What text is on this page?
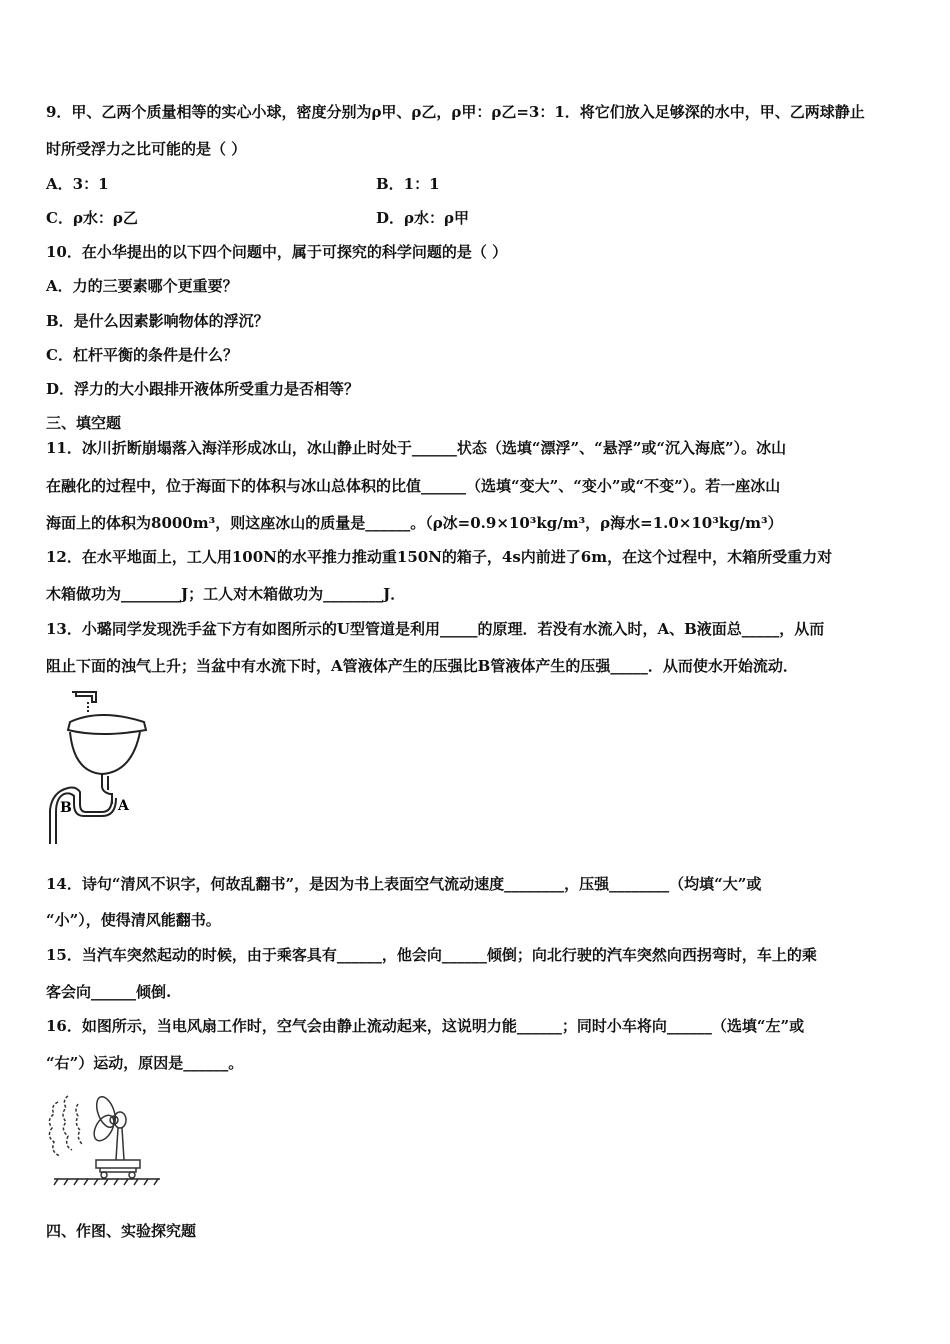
9．甲、乙两个质量相等的实心小球，密度分别为ρ甲、ρ乙，ρ甲：ρ乙=3：1．将它们放入足够深的水中，甲、乙两球静止
时所受浮力之比可能的是（ ）
A．3：1	B．1：1
C．ρ水：ρ乙	D．ρ水：ρ甲
10．在小华提出的以下四个问题中，属于可探究的科学问题的是（ ）
A．力的三要素哪个更重要？
B．是什么因素影响物体的浮沉？
C．杠杆平衡的条件是什么？
D．浮力的大小跟排开液体所受重力是否相等？
三、填空题
11．冰川折断崩塌落入海洋形成冰山，冰山静止时处于______状态（选填“漂浮”、“悬浮”或“沉入海底”）。冰山
在融化的过程中，位于海面下的体积与冰山总体积的比值______（选填“变大”、“变小”或“不变”）。若一座冰山
海面上的体积为8000m³，则这座冰山的质量是______。（ρ冰=0.9×10³kg/m³，ρ海水=1.0×10³kg/m³）
12．在水平地面上，工人用100N的水平推力推动重150N的箱子，4s内前进了6m，在这个过程中，木箱所受重力对
木箱做功为________J；工人对木箱做功为________J．
13．小璐同学发现洗手盆下方有如图所示的U型管道是利用_____的原理．若没有水流入时，A、B液面总_____，从而
阻止下面的浊气上升；当盆中有水流下时，A管液体产生的压强比B管液体产生的压强_____．从而使水开始流动．
B	A
14．诗句“清风不识字，何故乱翻书”，是因为书上表面空气流动速度________，压强________（均填“大”或
“小”），使得清风能翻书。
15．当汽车突然起动的时候，由于乘客具有______，他会向______倾倒；向北行驶的汽车突然向西拐弯时，车上的乘
客会向______倾倒.
16．如图所示，当电风扇工作时，空气会由静止流动起来，这说明力能______；同时小车将向______（选填“左”或
“右”）运动，原因是______。
四、作图、实验探究题
